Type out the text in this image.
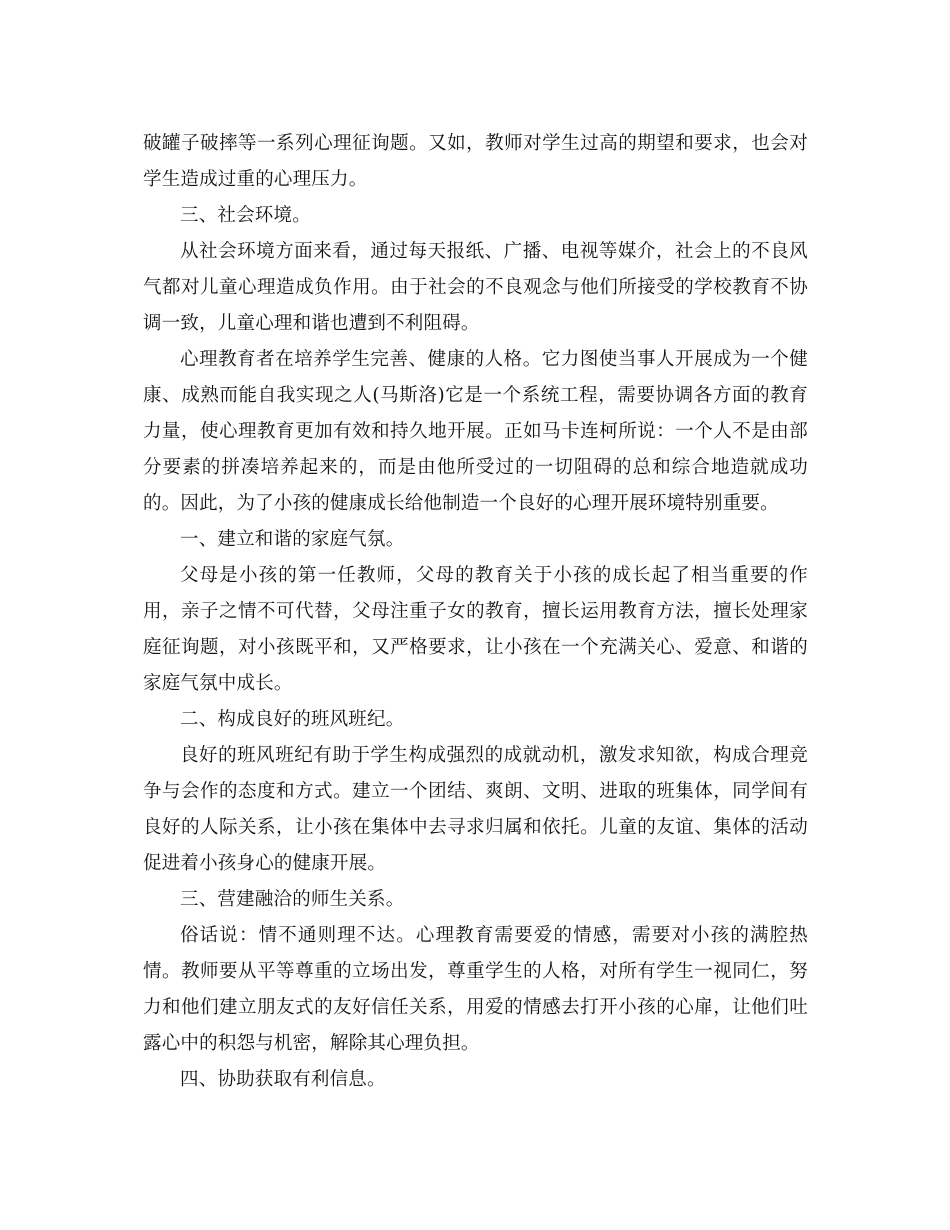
破罐子破摔等一系列心理征询题。又如，教师对学生过高的期望和要求，也会对学生造成过重的心理压力。

三、社会环境。

从社会环境方面来看，通过每天报纸、广播、电视等媒介，社会上的不良风气都对儿童心理造成负作用。由于社会的不良观念与他们所接受的学校教育不协调一致，儿童心理和谐也遭到不利阻碍。

心理教育者在培养学生完善、健康的人格。它力图使当事人开展成为一个健康、成熟而能自我实现之人(马斯洛)它是一个系统工程，需要协调各方面的教育力量，使心理教育更加有效和持久地开展。正如马卡连柯所说：一个人不是由部分要素的拼凑培养起来的，而是由他所受过的一切阻碍的总和综合地造就成功的。因此，为了小孩的健康成长给他制造一个良好的心理开展环境特别重要。

一、建立和谐的家庭气氛。

父母是小孩的第一任教师，父母的教育关于小孩的成长起了相当重要的作用，亲子之情不可代替，父母注重子女的教育，擅长运用教育方法，擅长处理家庭征询题，对小孩既平和，又严格要求，让小孩在一个充满关心、爱意、和谐的家庭气氛中成长。

二、构成良好的班风班纪。

良好的班风班纪有助于学生构成强烈的成就动机，激发求知欲，构成合理竞争与会作的态度和方式。建立一个团结、爽朗、文明、进取的班集体，同学间有良好的人际关系，让小孩在集体中去寻求归属和依托。儿童的友谊、集体的活动促进着小孩身心的健康开展。

三、营建融洽的师生关系。

俗话说：情不通则理不达。心理教育需要爱的情感，需要对小孩的满腔热情。教师要从平等尊重的立场出发，尊重学生的人格，对所有学生一视同仁，努力和他们建立朋友式的友好信任关系，用爱的情感去打开小孩的心扉，让他们吐露心中的积怨与机密，解除其心理负担。

四、协助获取有利信息。
